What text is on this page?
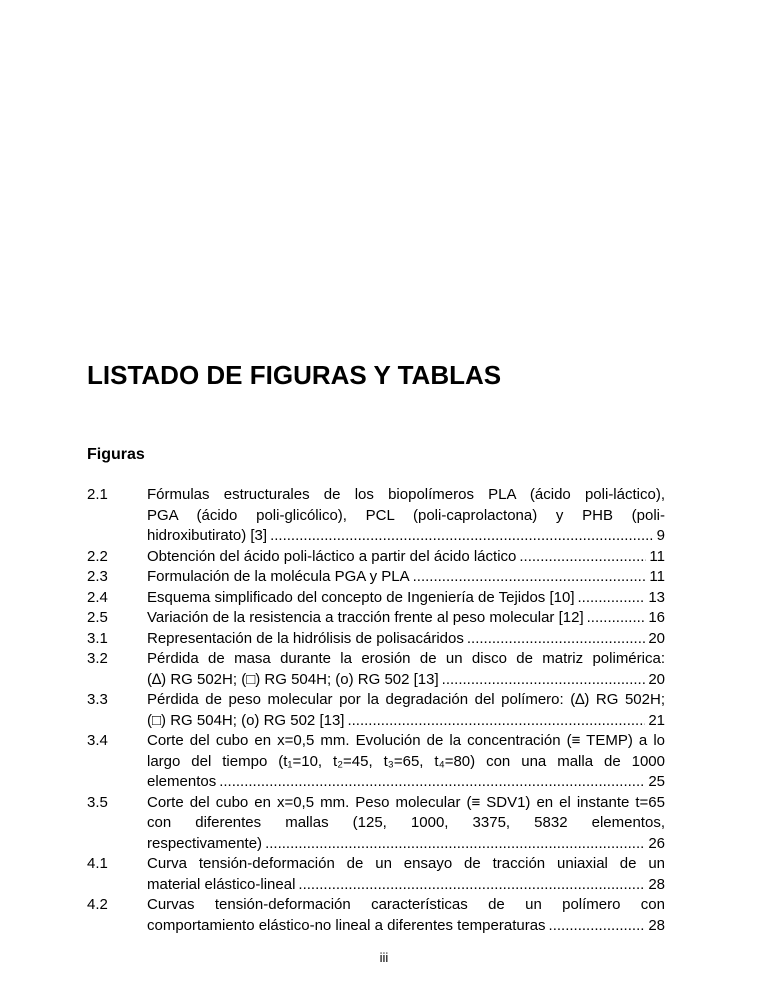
LISTADO DE FIGURAS Y TABLAS
Figuras
2.1	Fórmulas estructurales de los biopolímeros PLA (ácido poli-láctico),
PGA (ácido poli-glicólico), PCL (poli-caprolactona) y PHB (poli-
hidroxibutirato) [3] .....	9
2.2	Obtención del ácido poli-láctico a partir del ácido láctico .....	11
2.3	Formulación de la molécula PGA y PLA .....	11
2.4	Esquema simplificado del concepto de Ingeniería de Tejidos [10] .....	13
2.5	Variación de la resistencia a tracción frente al peso molecular [12] .....	16
3.1	Representación de la hidrólisis de polisacáridos .....	20
3.2	Pérdida de masa durante la erosión de un disco de matriz polimérica:
(∆) RG 502H; (□) RG 504H; (o) RG 502 [13] .....	20
3.3	Pérdida de peso molecular por la degradación del polímero: (∆) RG 502H;
(□) RG 504H; (o) RG 502 [13] .....	21
3.4	Corte del cubo en x=0,5 mm. Evolución de la concentración (≡ TEMP) a lo
largo del tiempo (t₁=10, t₂=45, t₃=65, t₄=80) con una malla de 1000
elementos .....	25
3.5	Corte del cubo en x=0,5 mm. Peso molecular (≡ SDV1) en el instante t=65
con diferentes mallas (125, 1000, 3375, 5832 elementos,
respectivamente) .....	26
4.1	Curva tensión-deformación de un ensayo de tracción uniaxial de un
material elástico-lineal .....	28
4.2	Curvas tensión-deformación características de un polímero con
comportamiento elástico-no lineal a diferentes temperaturas .....	28
iii
